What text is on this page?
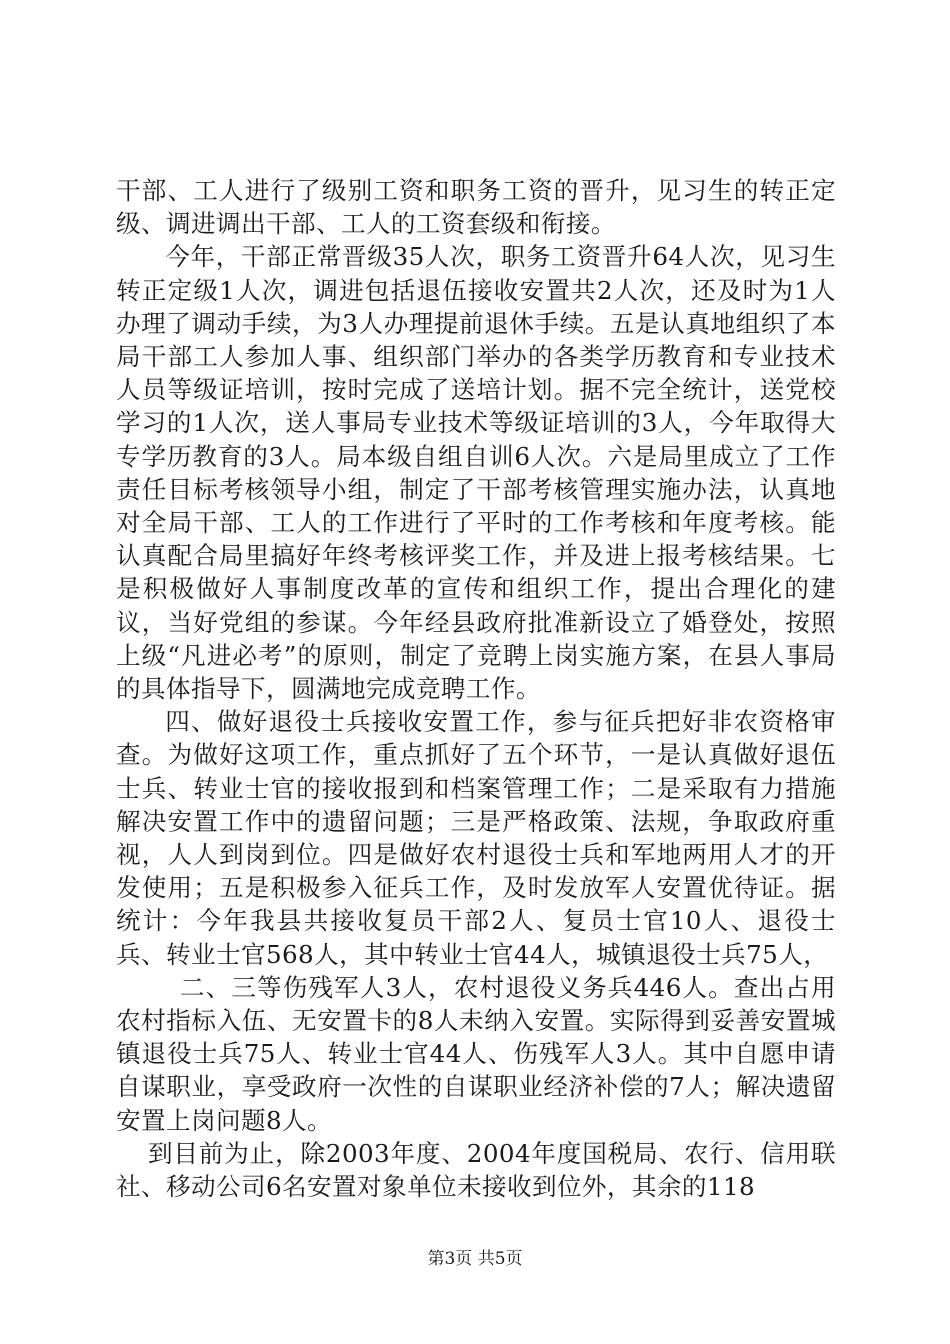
干部、工人进行了级别工资和职务工资的晋升，见习生的转正定级、调进调出干部、工人的工资套级和衔接。

今年，干部正常晋级35人次，职务工资晋升64人次，见习生转正定级1人次，调进包括退伍接收安置共2人次，还及时为1人办理了调动手续，为3人办理提前退休手续。五是认真地组织了本局干部工人参加人事、组织部门举办的各类学历教育和专业技术人员等级证培训，按时完成了送培计划。据不完全统计，送党校学习的1人次，送人事局专业技术等级证培训的3人，今年取得大专学历教育的3人。局本级自组自训6人次。六是局里成立了工作责任目标考核领导小组，制定了干部考核管理实施办法，认真地对全局干部、工人的工作进行了平时的工作考核和年度考核。能认真配合局里搞好年终考核评奖工作，并及进上报考核结果。七是积极做好人事制度改革的宣传和组织工作，提出合理化的建议，当好党组的参谋。今年经县政府批准新设立了婚登处，按照上级“凡进必考”的原则，制定了竞聘上岗实施方案，在县人事局的具体指导下，圆满地完成竞聘工作。

四、做好退役士兵接收安置工作，参与征兵把好非农资格审查。为做好这项工作，重点抓好了五个环节，一是认真做好退伍士兵、转业士官的接收报到和档案管理工作；二是采取有力措施解决安置工作中的遗留问题；三是严格政策、法规，争取政府重视，人人到岗到位。四是做好农村退役士兵和军地两用人才的开发使用；五是积极参入征兵工作，及时发放军人安置优待证。据统计：今年我县共接收复员干部2人、复员士官10人、退役士兵、转业士官568人，其中转业士官44人，城镇退役士兵75人，

二、三等伤残军人3人，农村退役义务兵446人。查出占用农村指标入伍、无安置卡的8人未纳入安置。实际得到妥善安置城镇退役士兵75人、转业士官44人、伤残军人3人。其中自愿申请自谋职业，享受政府一次性的自谋职业经济补偿的7人；解决遗留安置上岗问题8人。

到目前为止，除2003年度、2004年度国税局、农行、信用联社、移动公司6名安置对象单位未接收到位外，其余的118

第3页 共5页
